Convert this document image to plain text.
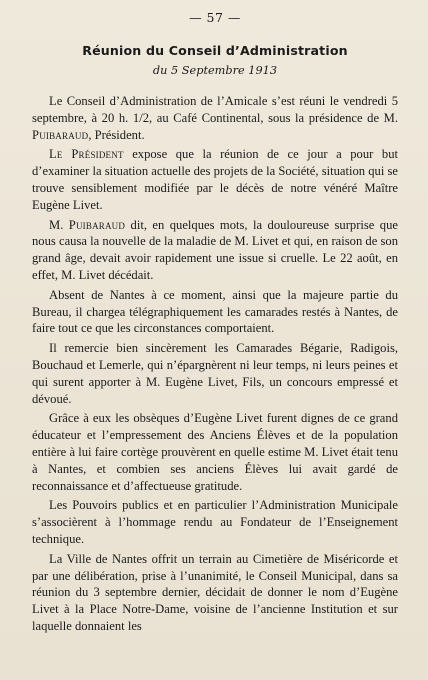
— 57 —
Réunion du Conseil d’Administration
du 5 Septembre 1913

Le Conseil d’Administration de l’Amicale s’est réuni le vendredi 5 septembre, à 20 h. 1/2, au Café Continental, sous la présidence de M. Puibaraud, Président.

Le Président expose que la réunion de ce jour a pour but d’examiner la situation actuelle des projets de la Société, situation qui se trouve sensiblement modifiée par le décès de notre vénéré Maître Eugène Livet.

M. Puibaraud dit, en quelques mots, la douloureuse surprise que nous causa la nouvelle de la maladie de M. Livet et qui, en raison de son grand âge, devait avoir rapidement une issue si cruelle. Le 22 août, en effet, M. Livet décédait.

Absent de Nantes à ce moment, ainsi que la majeure partie du Bureau, il chargea télégraphiquement les camarades restés à Nantes, de faire tout ce que les circonstances comportaient.

Il remercie bien sincèrement les Camarades Bégarie, Radigois, Bouchaud et Lemerle, qui n’épargnèrent ni leur temps, ni leurs peines et qui surent apporter à M. Eugène Livet, Fils, un concours empressé et dévoué.

Grâce à eux les obsèques d’Eugène Livet furent dignes de ce grand éducateur et l’empressement des Anciens Élèves et de la population entière à lui faire cortège prouvèrent en quelle estime M. Livet était tenu à Nantes, et combien ses anciens Élèves lui avait gardé de reconnaissance et d’affectueuse gratitude.

Les Pouvoirs publics et en particulier l’Administration Municipale s’associèrent à l’hommage rendu au Fondateur de l’Enseignement technique.

La Ville de Nantes offrit un terrain au Cimetière de Miséricorde et par une délibération, prise à l’unanimité, le Conseil Municipal, dans sa réunion du 3 septembre dernier, décidait de donner le nom d’Eugène Livet à la Place Notre-Dame, voisine de l’ancienne Institution et sur laquelle donnaient les
